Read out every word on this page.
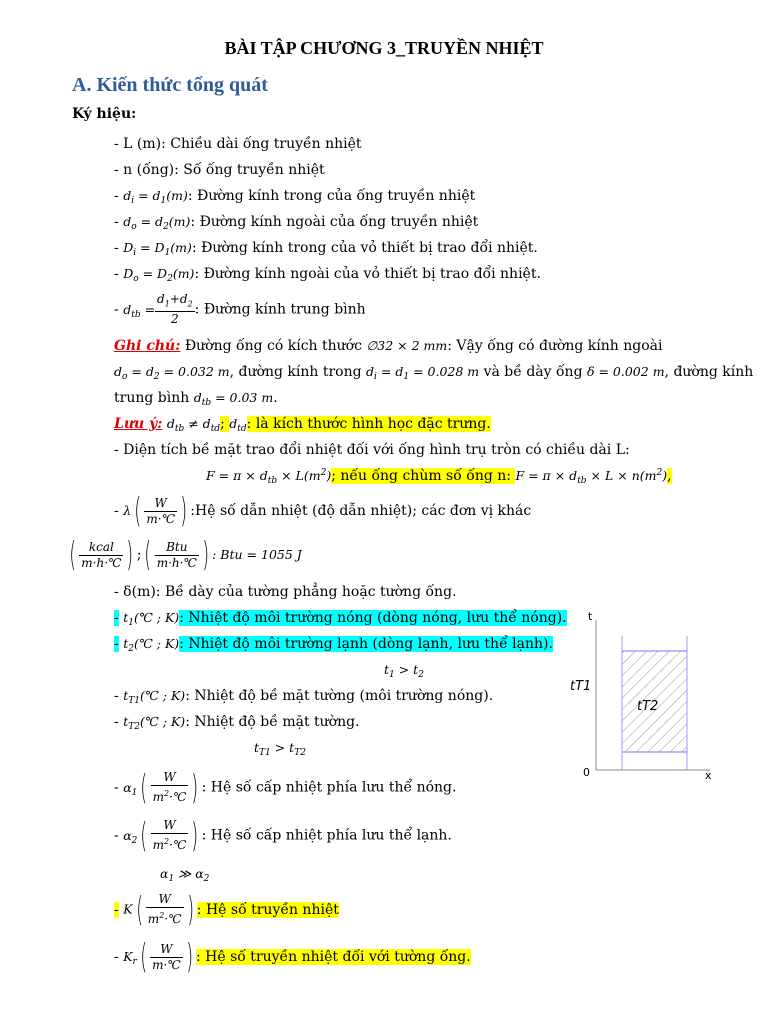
BÀI TẬP CHƯƠNG 3_TRUYỀN NHIỆT
A. Kiến thức tổng quát
Ký hiệu:
- L (m): Chiều dài ống truyền nhiệt
- n (ống): Số ống truyền nhiệt
- $d_i = d_1(m)$: Đường kính trong của ống truyền nhiệt
- $d_o = d_2(m)$: Đường kính ngoài của ống truyền nhiệt
- $D_i = D_1(m)$: Đường kính trong của vỏ thiết bị trao đổi nhiệt.
- $D_o = D_2(m)$: Đường kính ngoài của vỏ thiết bị trao đổi nhiệt.
- $d_{tb} = \frac{d_1+d_2}{2}$ : Đường kính trung bình
Ghi chú: Đường ống có kích thước ∅32 × 2 mm: Vậy ống có đường kính ngoài
$d_o = d_2 = 0.032$ m, đường kính trong $d_i = d_1 = 0.028$ m và bề dày ống δ = 0.002 m, đường kính
trung bình $d_{tb} = 0.03$ m.
Lưu ý: $d_{tb} \ne d_{td}$; $d_{td}$: là kích thước hình học đặc trưng.
- Diện tích bề mặt trao đổi nhiệt đối với ống hình trụ tròn có chiều dài L:
$F = \pi \times d_{tb} \times L(m^2)$; nếu ống chùm số ống n: $F = \pi \times d_{tb} \times L \times n(m^2)$,
- $\lambda( \frac{W}{m\cdot℃}$ ) :Hệ số dẫn nhiệt (độ dẫn nhiệt); các đơn vị khác
( $\frac{\text{kcal}}{m\cdot h\cdot℃}$ ) ;( $\frac{\text{Btu}}{m\cdot h\cdot℃}$ ) : Btu = 1055 J
- δ(m): Bề dày của tường phẳng hoặc tường ống.
- $t_1(℃$ ; K): Nhiệt độ môi trường nóng (dòng nóng, lưu thể nóng).
- $t_2(℃$ ; K): Nhiệt độ môi trường lạnh (dòng lạnh, lưu thể lạnh).
$t_1 > t_2$
- $t_{T1}(℃$ ; K): Nhiệt độ bề mặt tường (môi trường nóng).
- $t_{T2}(℃$ ; K): Nhiệt độ bề mặt tường.
$t_{T1} > t_{T2}$
- $\alpha_1( \frac{W}{m^2\cdot℃}$ ) : Hệ số cấp nhiệt phía lưu thể nóng.
- $\alpha_2( \frac{W}{m^2\cdot℃}$ ) : Hệ số cấp nhiệt phía lưu thể lạnh.
$\alpha_1$ ≫ $\alpha_2$
- $K( \frac{W}{m^2\cdot℃}$ ) : Hệ số truyền nhiệt
- $K_r( \frac{W}{m\cdot℃}$ ) : Hệ số truyền nhiệt đối với tường ống.
t
x
0
tT1
tT2
